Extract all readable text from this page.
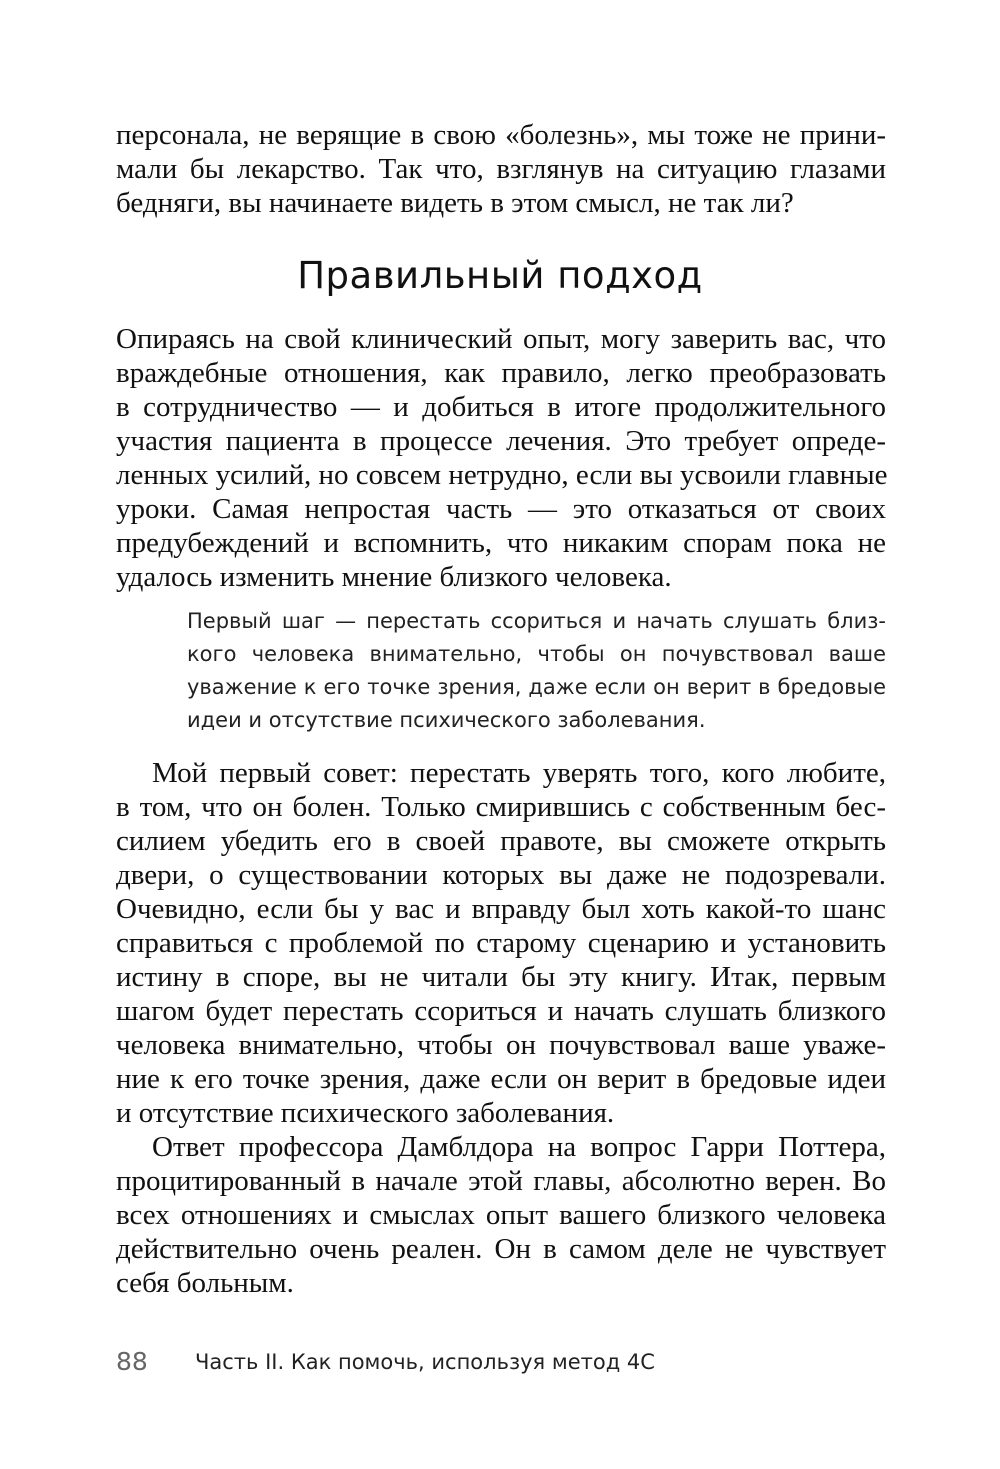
персонала, не верящие в свою «болезнь», мы тоже не прини-
мали бы лекарство. Так что, взглянув на ситуацию глазами
бедняги, вы начинаете видеть в этом смысл, не так ли?
Правильный подход
Опираясь на свой клинический опыт, могу заверить вас, что
враждебные отношения, как правило, легко преобразовать
в сотрудничество — и добиться в итоге продолжительного
участия пациента в процессе лечения. Это требует опреде-
ленных усилий, но совсем нетрудно, если вы усвоили главные
уроки. Самая непростая часть — это отказаться от своих
предубеждений и вспомнить, что никаким спорам пока не
удалось изменить мнение близкого человека.
Первый шаг — перестать ссориться и начать слушать близ-
кого человека внимательно, чтобы он почувствовал ваше
уважение к его точке зрения, даже если он верит в бредовые
идеи и отсутствие психического заболевания.
Мой первый совет: перестать уверять того, кого любите,
в том, что он болен. Только смирившись с собственным бес-
силием убедить его в своей правоте, вы сможете открыть
двери, о существовании которых вы даже не подозревали.
Очевидно, если бы у вас и вправду был хоть какой-то шанс
справиться с проблемой по старому сценарию и установить
истину в споре, вы не читали бы эту книгу. Итак, первым
шагом будет перестать ссориться и начать слушать близкого
человека внимательно, чтобы он почувствовал ваше уваже-
ние к его точке зрения, даже если он верит в бредовые идеи
и отсутствие психического заболевания.
Ответ профессора Дамблдора на вопрос Гарри Поттера,
процитированный в начале этой главы, абсолютно верен. Во
всех отношениях и смыслах опыт вашего близкого человека
действительно очень реален. Он в самом деле не чувствует
себя больным.
88 Часть II. Как помочь, используя метод 4С
